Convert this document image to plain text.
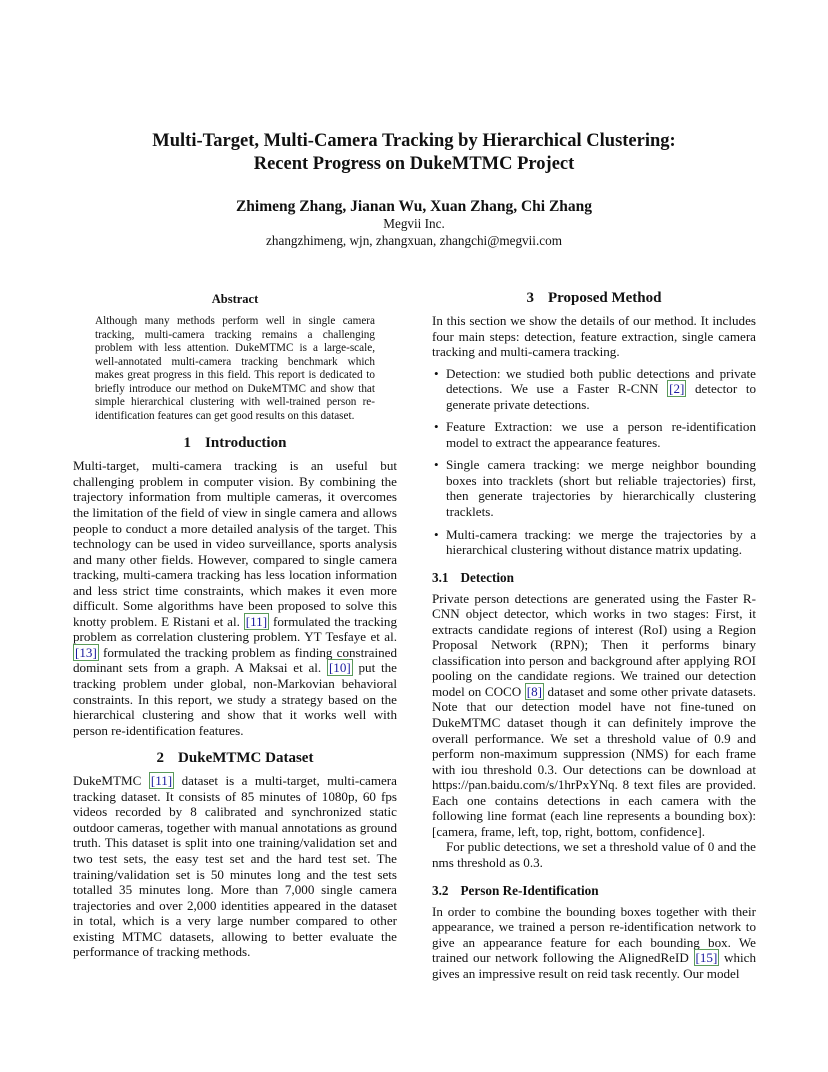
Multi-Target, Multi-Camera Tracking by Hierarchical Clustering:
Recent Progress on DukeMTMC Project
Zhimeng Zhang, Jianan Wu, Xuan Zhang, Chi Zhang
Megvii Inc.
zhangzhimeng, wjn, zhangxuan, zhangchi@megvii.com
Abstract

Although many methods perform well in single camera tracking, multi-camera tracking remains a challenging problem with less attention. DukeMTMC is a large-scale, well-annotated multi-camera tracking benchmark which makes great progress in this field. This report is dedicated to briefly introduce our method on DukeMTMC and show that simple hierarchical clustering with well-trained person re-identification features can get good results on this dataset.

1 Introduction

Multi-target, multi-camera tracking is an useful but challenging problem in computer vision. By combining the trajectory information from multiple cameras, it overcomes the limitation of the field of view in single camera and allows people to conduct a more detailed analysis of the target. This technology can be used in video surveillance, sports analysis and many other fields. However, compared to single camera tracking, multi-camera tracking has less location information and less strict time constraints, which makes it even more difficult. Some algorithms have been proposed to solve this knotty problem. E Ristani et al. [11] formulated the tracking problem as correlation clustering problem. YT Tesfaye et al. [13] formulated the tracking problem as finding constrained dominant sets from a graph. A Maksai et al. [10] put the tracking problem under global, non-Markovian behavioral constraints. In this report, we study a strategy based on the hierarchical clustering and show that it works well with person re-identification features.

2 DukeMTMC Dataset

DukeMTMC [11] dataset is a multi-target, multi-camera tracking dataset. It consists of 85 minutes of 1080p, 60 fps videos recorded by 8 calibrated and synchronized static outdoor cameras, together with manual annotations as ground truth. This dataset is split into one training/validation set and two test sets, the easy test set and the hard test set. The training/validation set is 50 minutes long and the test sets totalled 35 minutes long. More than 7,000 single camera trajectories and over 2,000 identities appeared in the dataset in total, which is a very large number compared to other existing MTMC datasets, allowing to better evaluate the performance of tracking methods.

3 Proposed Method

In this section we show the details of our method. It includes four main steps: detection, feature extraction, single camera tracking and multi-camera tracking.

• Detection: we studied both public detections and private detections. We use a Faster R-CNN [2] detector to generate private detections.
• Feature Extraction: we use a person re-identification model to extract the appearance features.
• Single camera tracking: we merge neighbor bounding boxes into tracklets (short but reliable trajectories) first, then generate trajectories by hierarchically clustering tracklets.
• Multi-camera tracking: we merge the trajectories by a hierarchical clustering without distance matrix updating.
3.1 Detection

Private person detections are generated using the Faster R-CNN object detector, which works in two stages: First, it extracts candidate regions of interest (RoI) using a Region Proposal Network (RPN); Then it performs binary classification into person and background after applying ROI pooling on the candidate regions. We trained our detection model on COCO [8] dataset and some other private datasets. Note that our detection model have not fine-tuned on DukeMTMC dataset though it can definitely improve the overall performance. We set a threshold value of 0.9 and perform non-maximum suppression (NMS) for each frame with iou threshold 0.3. Our detections can be download at https://pan.baidu.com/s/1hrPxYNq. 8 text files are provided. Each one contains detections in each camera with the following line format (each line represents a bounding box): [camera, frame, left, top, right, bottom, confidence].

For public detections, we set a threshold value of 0 and the nms threshold as 0.3.

3.2 Person Re-Identification

In order to combine the bounding boxes together with their appearance, we trained a person re-identification network to give an appearance feature for each bounding box. We trained our network following the AlignedReID [15] which gives an impressive result on reid task recently. Our model
